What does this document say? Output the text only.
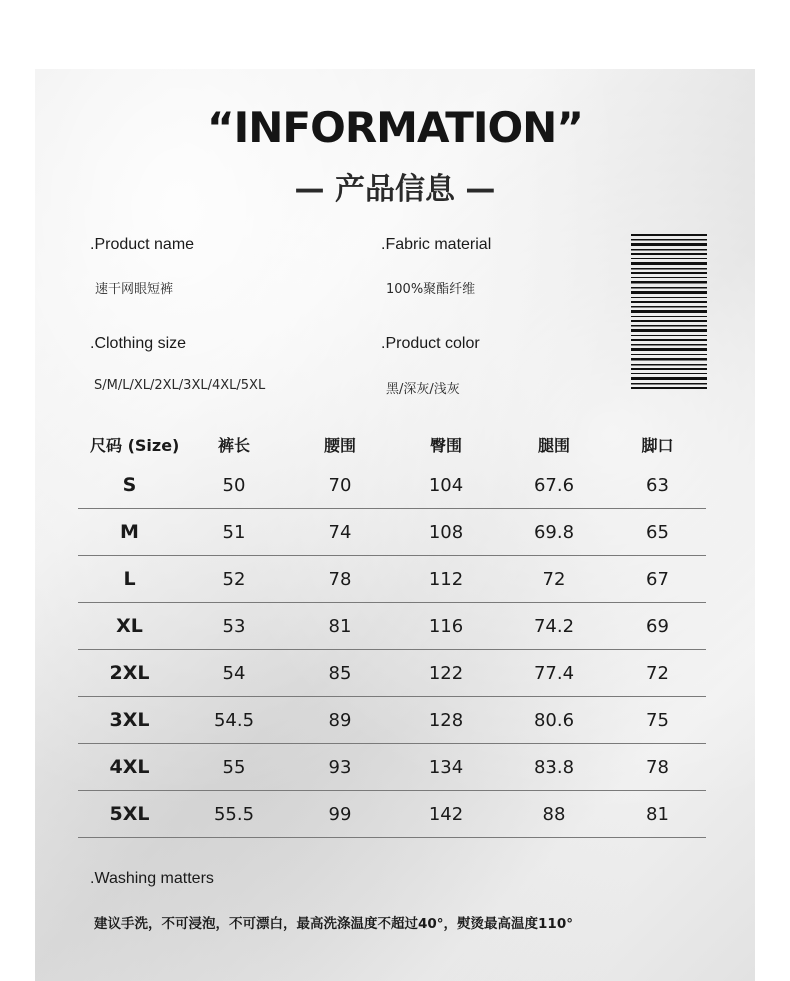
“INFORMATION”
— 产品信息 —
.Product name
速干网眼短裤
.Fabric material
100%聚酯纤维
.Clothing size
S/M/L/XL/2XL/3XL/4XL/5XL
.Product color
黑/深灰/浅灰
尺码 (Size)	裤长	腰围	臀围	腿围	脚口
S	50	70	104	67.6	63
M	51	74	108	69.8	65
L	52	78	112	72	67
XL	53	81	116	74.2	69
2XL	54	85	122	77.4	72
3XL	54.5	89	128	80.6	75
4XL	55	93	134	83.8	78
5XL	55.5	99	142	88	81
.Washing matters
建议手洗，不可浸泡，不可漂白，最高洗涤温度不超过40°，熨烫最高温度110°
